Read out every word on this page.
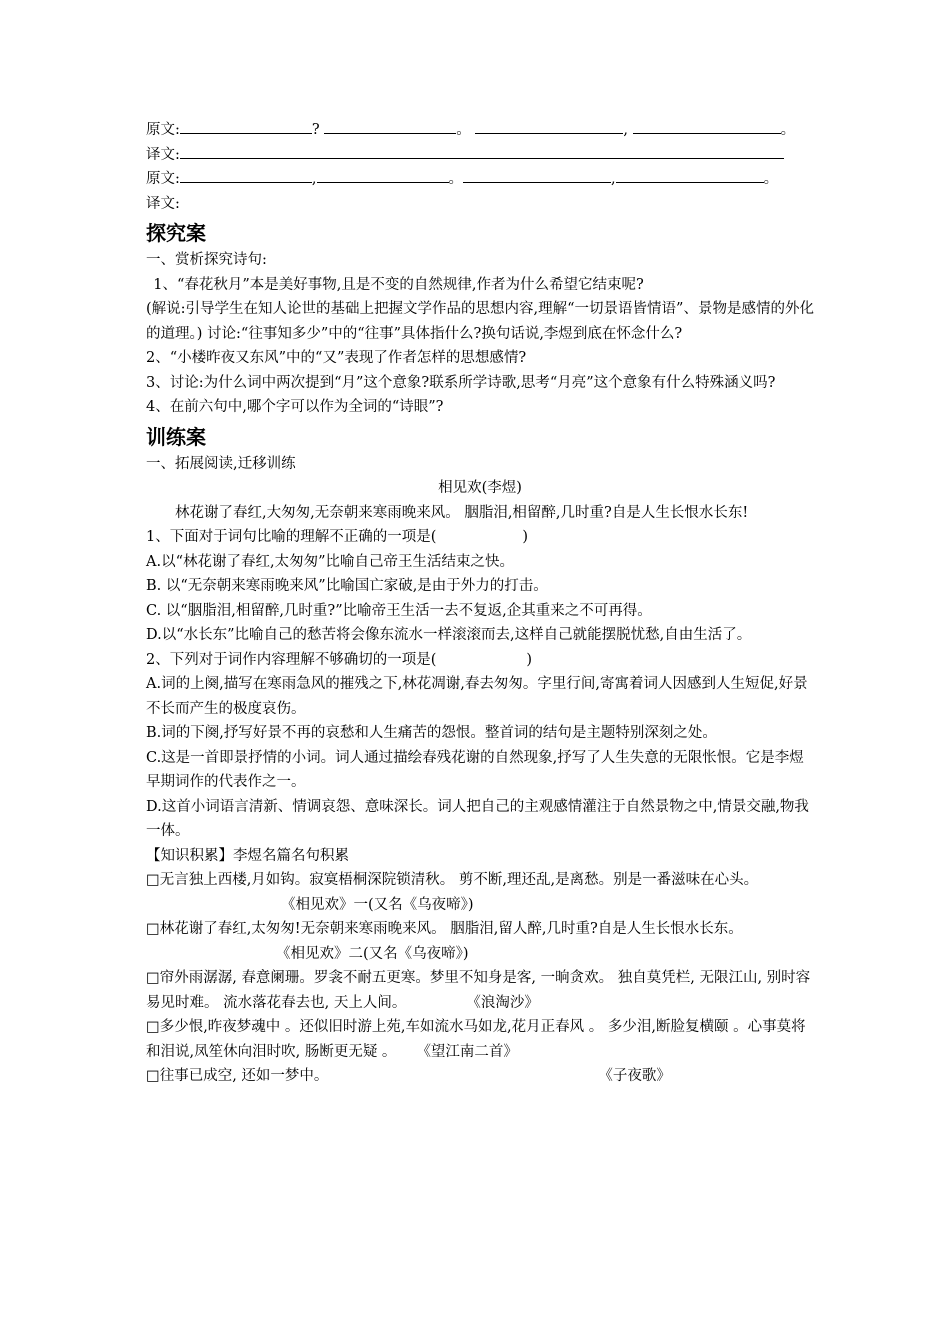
原文:	?	。	,	。
译文:
原文:	,	。	,	。
译文:
探究案
一、赏析探究诗句:
1、“春花秋月”本是美好事物,且是不变的自然规律,作者为什么希望它结束呢?
(解说:引导学生在知人论世的基础上把握文学作品的思想内容,理解“一切景语皆情语”、景物是感情的外化的道理。) 讨论:“往事知多少”中的“往事”具体指什么?换句话说,李煜到底在怀念什么?
2、“小楼昨夜又东风”中的“又”表现了作者怎样的思想感情?
3、讨论:为什么词中两次提到“月”这个意象?联系所学诗歌,思考“月亮”这个意象有什么特殊涵义吗?
4、在前六句中,哪个字可以作为全词的“诗眼”?
训练案
一、拓展阅读,迁移训练
相见欢(李煜)
林花谢了春红,大匆匆,无奈朝来寒雨晚来风。 胭脂泪,相留醉,几时重?自是人生长恨水长东!
1、下面对于词句比喻的理解不正确的一项是(	)
A.以“林花谢了春红,太匆匆”比喻自己帝王生活结束之快。
B. 以“无奈朝来寒雨晚来风”比喻国亡家破,是由于外力的打击。
C. 以“胭脂泪,相留醉,几时重?”比喻帝王生活一去不复返,企其重来之不可再得。
D.以“水长东”比喻自己的愁苦将会像东流水一样滚滚而去,这样自己就能摆脱忧愁,自由生活了。
2、下列对于词作内容理解不够确切的一项是(	)
A.词的上阕,描写在寒雨急风的摧残之下,林花凋谢,春去匆匆。字里行间,寄寓着词人因感到人生短促,好景不长而产生的极度哀伤。
B.词的下阕,抒写好景不再的哀愁和人生痛苦的怨恨。整首词的结句是主题特别深刻之处。
C.这是一首即景抒情的小词。词人通过描绘春残花谢的自然现象,抒写了人生失意的无限怅恨。它是李煜早期词作的代表作之一。
D.这首小词语言清新、情调哀怨、意味深长。词人把自己的主观感情灌注于自然景物之中,情景交融,物我一体。
【知识积累】李煜名篇名句积累
□无言独上西楼,月如钩。寂寞梧桐深院锁清秋。 剪不断,理还乱,是离愁。别是一番滋味在心头。《相见欢》一(又名《乌夜啼》)
□林花谢了春红,太匆匆!无奈朝来寒雨晚来风。 胭脂泪,留人醉,几时重?自是人生长恨水长东。《相见欢》二(又名《乌夜啼》)
□帘外雨潺潺, 春意阑珊。罗衾不耐五更寒。梦里不知身是客, 一晌贪欢。 独自莫凭栏, 无限江山, 别时容易见时难。 流水落花春去也, 天上人间。	《浪淘沙》
□多少恨,昨夜梦魂中 。还似旧时游上苑,车如流水马如龙,花月正春风 。 多少泪,断脸复横颐 。心事莫将和泪说,凤笙休向泪时吹, 肠断更无疑 。 《望江南二首》
□往事已成空, 还如一梦中。	《子夜歌》
